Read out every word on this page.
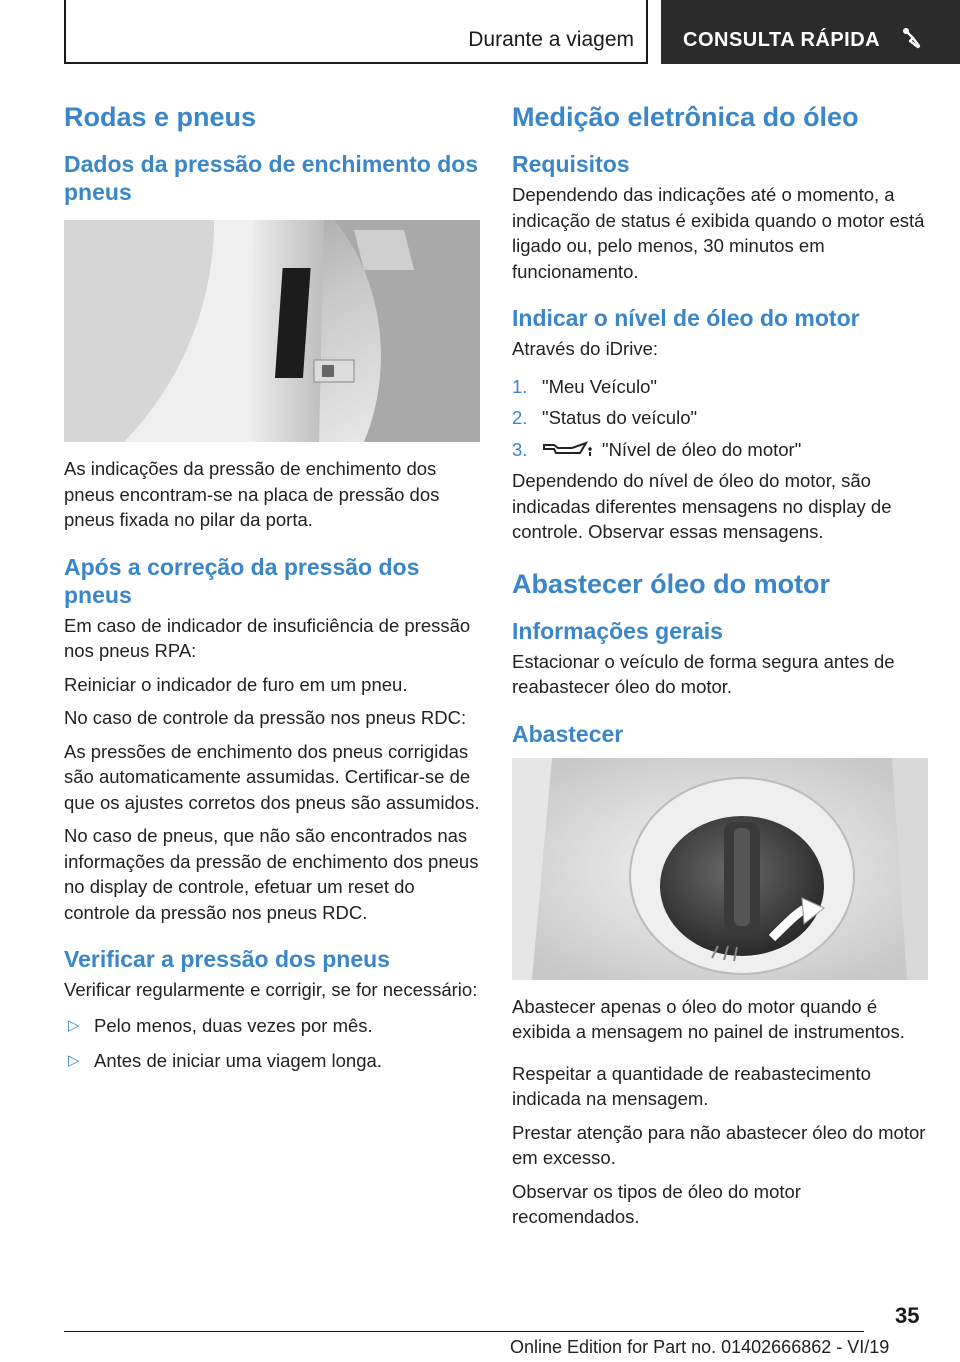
Durante a viagem CONSULTA RÁPIDA
Rodas e pneus
Dados da pressão de enchimento dos pneus

As indicações da pressão de enchimento dos pneus encontram-se na placa de pressão dos pneus fixada no pilar da porta.

Após a correção da pressão dos pneus

Em caso de indicador de insuficiência de pressão nos pneus RPA:

Reiniciar o indicador de furo em um pneu.

No caso de controle da pressão nos pneus RDC:

As pressões de enchimento dos pneus corrigidas são automaticamente assumidas. Certificar-se de que os ajustes corretos dos pneus são assumidos.

No caso de pneus, que não são encontrados nas informações da pressão de enchimento dos pneus no display de controle, efetuar um reset do controle da pressão nos pneus RDC.

Verificar a pressão dos pneus

Verificar regularmente e corrigir, se for necessário:

▷ Pelo menos, duas vezes por mês.
▷ Antes de iniciar uma viagem longa.
Medição eletrônica do óleo
Requisitos

Dependendo das indicações até o momento, a indicação de status é exibida quando o motor está ligado ou, pelo menos, 30 minutos em funcionamento.

Indicar o nível de óleo do motor

Através do iDrive:

1. "Meu Veículo"
2. "Status do veículo"
3.	"Nível de óleo do motor"

Dependendo do nível de óleo do motor, são indicadas diferentes mensagens no display de controle. Observar essas mensagens.

Abastecer óleo do motor
Informações gerais

Estacionar o veículo de forma segura antes de reabastecer óleo do motor.

Abastecer

Abastecer apenas o óleo do motor quando é exibida a mensagem no painel de instrumentos.

Respeitar a quantidade de reabastecimento indicada na mensagem.

Prestar atenção para não abastecer óleo do motor em excesso.

Observar os tipos de óleo do motor recomendados.

35
Online Edition for Part no. 01402666862 - VI/19
